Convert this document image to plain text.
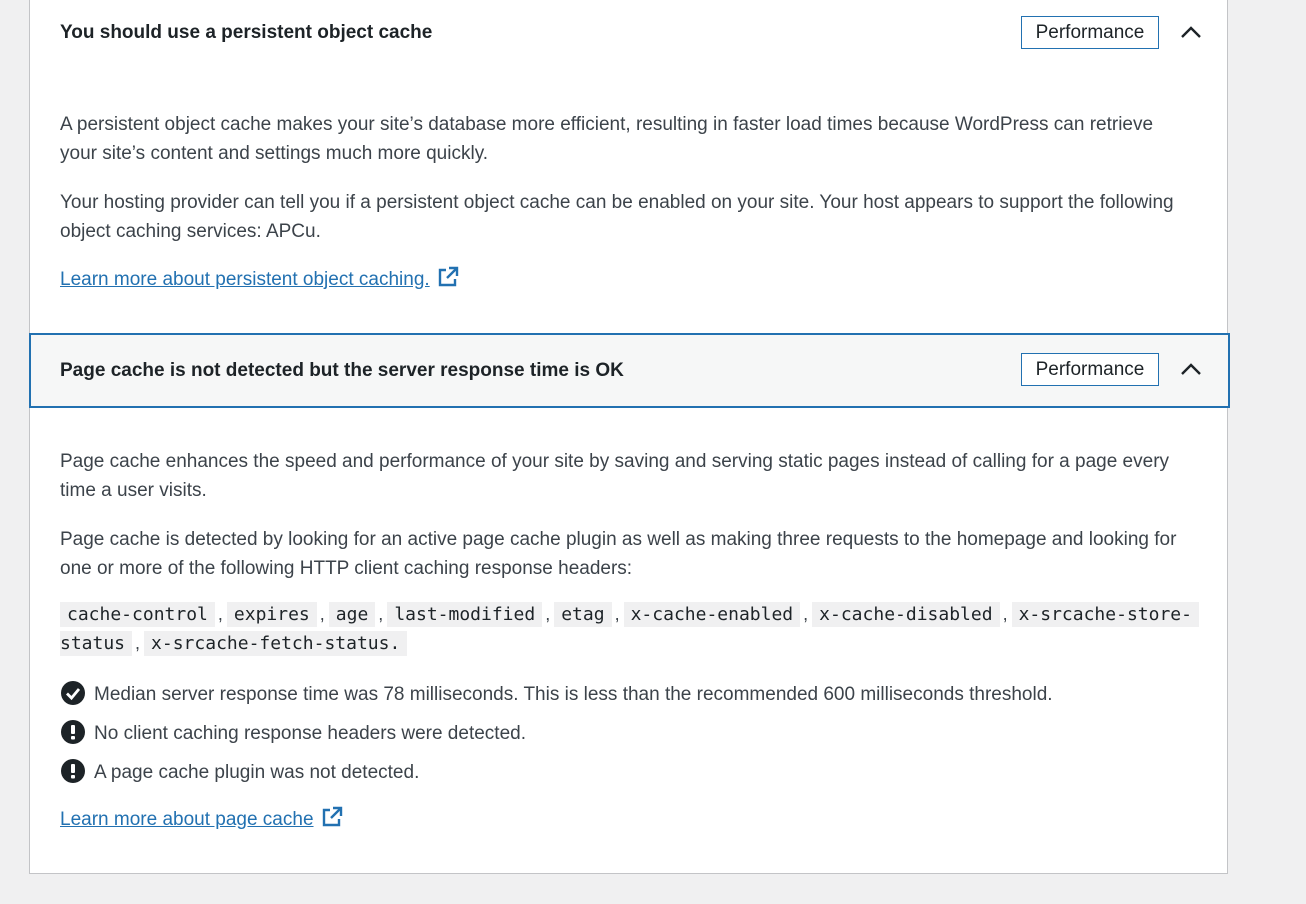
You should use a persistent object cache	Performance
A persistent object cache makes your site’s database more efficient, resulting in faster load times because WordPress can retrieve your site’s content and settings much more quickly.
Your hosting provider can tell you if a persistent object cache can be enabled on your site. Your host appears to support the following object caching services: APCu.
Learn more about persistent object caching.
Page cache is not detected but the server response time is OK	Performance
Page cache enhances the speed and performance of your site by saving and serving static pages instead of calling for a page every time a user visits.
Page cache is detected by looking for an active page cache plugin as well as making three requests to the homepage and looking for one or more of the following HTTP client caching response headers:
cache-control , expires , age , last-modified , etag , x-cache-enabled , x-cache-disabled , x-srcache-store-
status , x-srcache-fetch-status.
Median server response time was 78 milliseconds. This is less than the recommended 600 milliseconds threshold.
No client caching response headers were detected.
A page cache plugin was not detected.
Learn more about page cache
